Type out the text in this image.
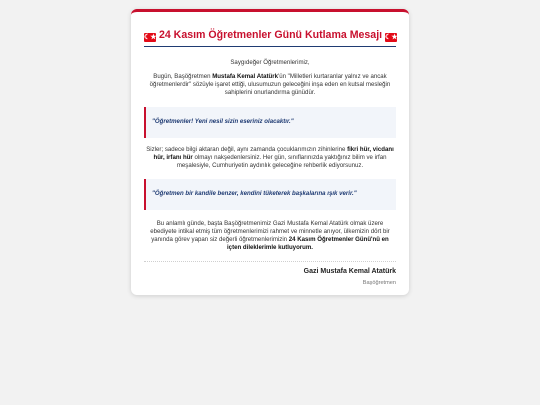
☾★ 24 Kasım Öğretmenler Günü Kutlama Mesajı ☾★
Saygıdeğer Öğretmenlerimiz,
Bugün, Başöğretmen Mustafa Kemal Atatürk'ün "Milletleri kurtaranlar yalnız ve ancak öğretmenlerdir" sözüyle işaret ettiği, ulusumuzun geleceğini inşa eden en kutsal mesleğin sahiplerini onurlandırma günüdür.
"Öğretmenler! Yeni nesil sizin eseriniz olacaktır."
Sizler; sadece bilgi aktaran değil, aynı zamanda çocuklarımızın zihinlerine fikri hür, vicdanı hür, irfanı hür olmayı nakşedenlersiniz. Her gün, sınıflarınızda yaktığınız bilim ve irfan meşalesiyle, Cumhuriyetin aydınlık geleceğine rehberlik ediyorsunuz.
"Öğretmen bir kandile benzer, kendini tüketerek başkalarına ışık verir."
Bu anlamlı günde, başta Başöğretmenimiz Gazi Mustafa Kemal Atatürk olmak üzere ebediyete intikal etmiş tüm öğretmenlerimizi rahmet ve minnetle anıyor, ülkemizin dört bir yanında görev yapan siz değerli öğretmenlerimizin 24 Kasım Öğretmenler Günü'nü en içten dileklerimle kutluyorum.
Gazi Mustafa Kemal Atatürk
Başöğretmen
